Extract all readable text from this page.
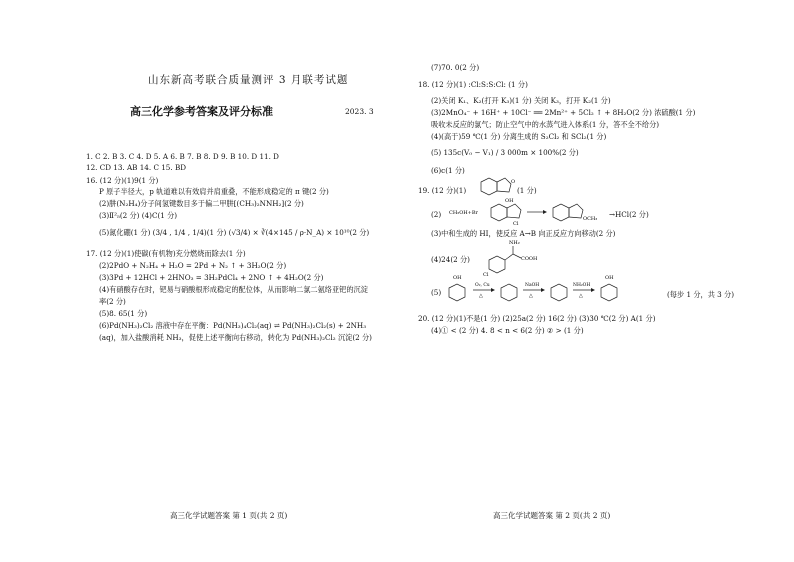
山东新高考联合质量测评 3 月联考试题
高三化学参考答案及评分标准	2023. 3
1. C 2. B 3. C 4. D 5. A 6. B 7. B 8. D 9. B 10. D 11. D
12. CD 13. AB 14. C 15. BD
16. (12 分)(1)9(1 分)
P 原子半径大，p 轨道难以有效肩并肩重叠，不能形成稳定的 π 键(2 分)
(2)肼(N₂H₄)分子间氢键数目多于偏二甲肼[(CH₃)₂NNH₂](2 分)
(3)Ⅱ²₅(2 分) (4)C(1 分)
(5)氮化硼(1 分) (3/4 , 1/4 , 1/4)(1 分) (√3/4) × ∛(4×145 / ρ·N_A) × 10¹⁰(2 分)
17. (12 分)(1)使碳(有机物)充分燃烧而除去(1 分)
(2)2PdO + N₂H₄ + H₂O = 2Pd + N₂ ↑ + 3H₂O(2 分)
(3)3Pd + 12HCl + 2HNO₃ = 3H₂PdCl₄ + 2NO ↑ + 4H₂O(2 分)
(4)有硝酸存在时，钯易与硝酸根形成稳定的配位体，从而影响二氯二氨络亚钯的沉淀
率(2 分)
(5)8. 65(1 分)
(6)Pd(NH₃)₂Cl₂ 溶液中存在平衡：Pd(NH₃)₄Cl₂(aq) ⇌ Pd(NH₃)₂Cl₂(s) + 2NH₃
(aq)，加入盐酸消耗 NH₃，促使上述平衡向右移动，转化为 Pd(NH₃)₂Cl₂ 沉淀(2 分)
高三化学试题答案 第 1 页(共 2 页)
(7)70. 0(2 分)
18. (12 分)(1) :Cl:S:S:Cl: (1 分)
(2)关闭 K₁、K₂(打开 K₃)(1 分) 关闭 K₃，打开 K₂(1 分)
(3)2MnO₄⁻ + 16H⁺ + 10Cl⁻ ══ 2Mn²⁺ + 5Cl₂ ↑ + 8H₂O(2 分) 浓硫酸(1 分)
吸收未反应的氯气；防止空气中的水蒸气进入体系(1 分，答不全不给分)
(4)(高于)59 ℃(1 分) 分离生成的 S₂Cl₂ 和 SCl₂(1 分)
(5) 135c(V₀ − V₁) / 3 000m × 100%(2 分)
(6)c(1 分)
19. (12 分)(1)
OH
O
(1 分)
(2) CH₃OH+Br
Cl
OCH₃ →HCl(2 分)
(3)中和生成的 HI，使反应 A→B 向正反应方向移动(2 分)
(4)24(2 分)
NH₂
COOH
Cl
(5)
OH
O₂, Cu
△
NaOH
△
NH₂OH
△
OH
(每步 1 分，共 3 分)
20. (12 分)(1)不是(1 分) (2)25a(2 分) 16(2 分) (3)30 ℃(2 分) A(1 分)
(4)① < (2 分) 4. 8 < n < 6(2 分) ② > (1 分)
高三化学试题答案 第 2 页(共 2 页)
